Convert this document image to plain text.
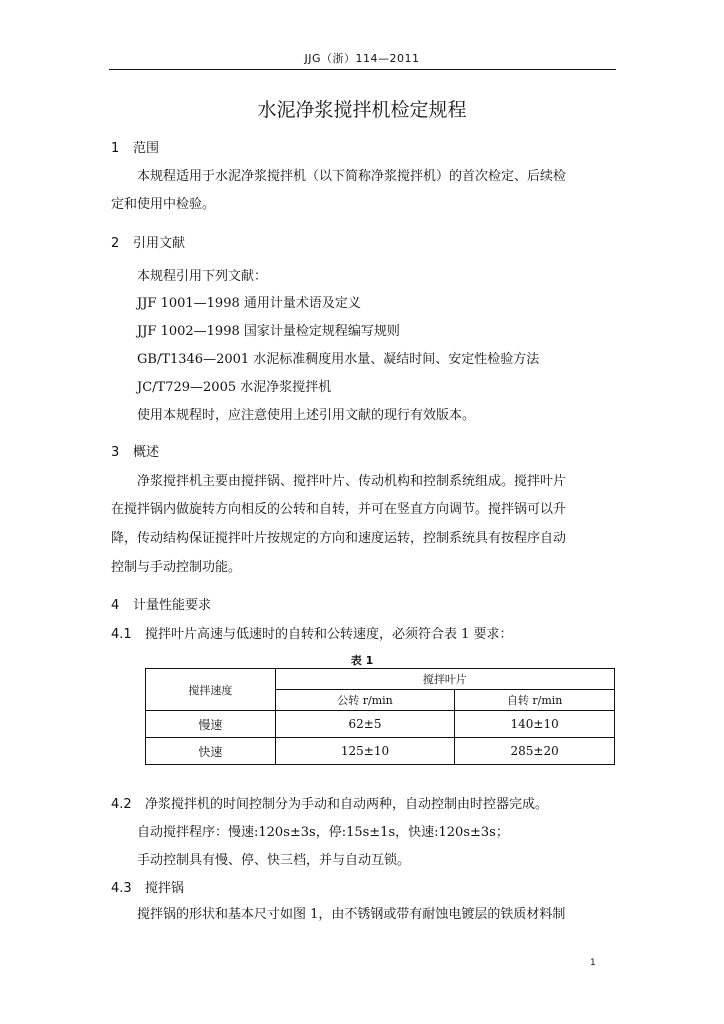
JJG（浙）114—2011
水泥净浆搅拌机检定规程
1 范围
本规程适用于水泥净浆搅拌机（以下简称净浆搅拌机）的首次检定、后续检
定和使用中检验。
2 引用文献
本规程引用下列文献：
JJF 1001—1998 通用计量术语及定义
JJF 1002—1998 国家计量检定规程编写规则
GB/T1346—2001 水泥标准稠度用水量、凝结时间、安定性检验方法
JC/T729—2005 水泥净浆搅拌机
使用本规程时，应注意使用上述引用文献的现行有效版本。
3 概述
净浆搅拌机主要由搅拌锅、搅拌叶片、传动机构和控制系统组成。搅拌叶片
在搅拌锅内做旋转方向相反的公转和自转，并可在竖直方向调节。搅拌锅可以升
降，传动结构保证搅拌叶片按规定的方向和速度运转，控制系统具有按程序自动
控制与手动控制功能。
4 计量性能要求
4.1 搅拌叶片高速与低速时的自转和公转速度，必须符合表 1 要求：
表 1
搅拌速度	搅拌叶片	
	公转 r/min	自转 r/min
慢速	62±5	140±10
快速	125±10	285±20
4.2 净浆搅拌机的时间控制分为手动和自动两种，自动控制由时控器完成。
自动搅拌程序：慢速:120s±3s，停:15s±1s，快速:120s±3s；
手动控制具有慢、停、快三档，并与自动互锁。
4.3 搅拌锅
搅拌锅的形状和基本尺寸如图 1，由不锈钢或带有耐蚀电镀层的铁质材料制
1
